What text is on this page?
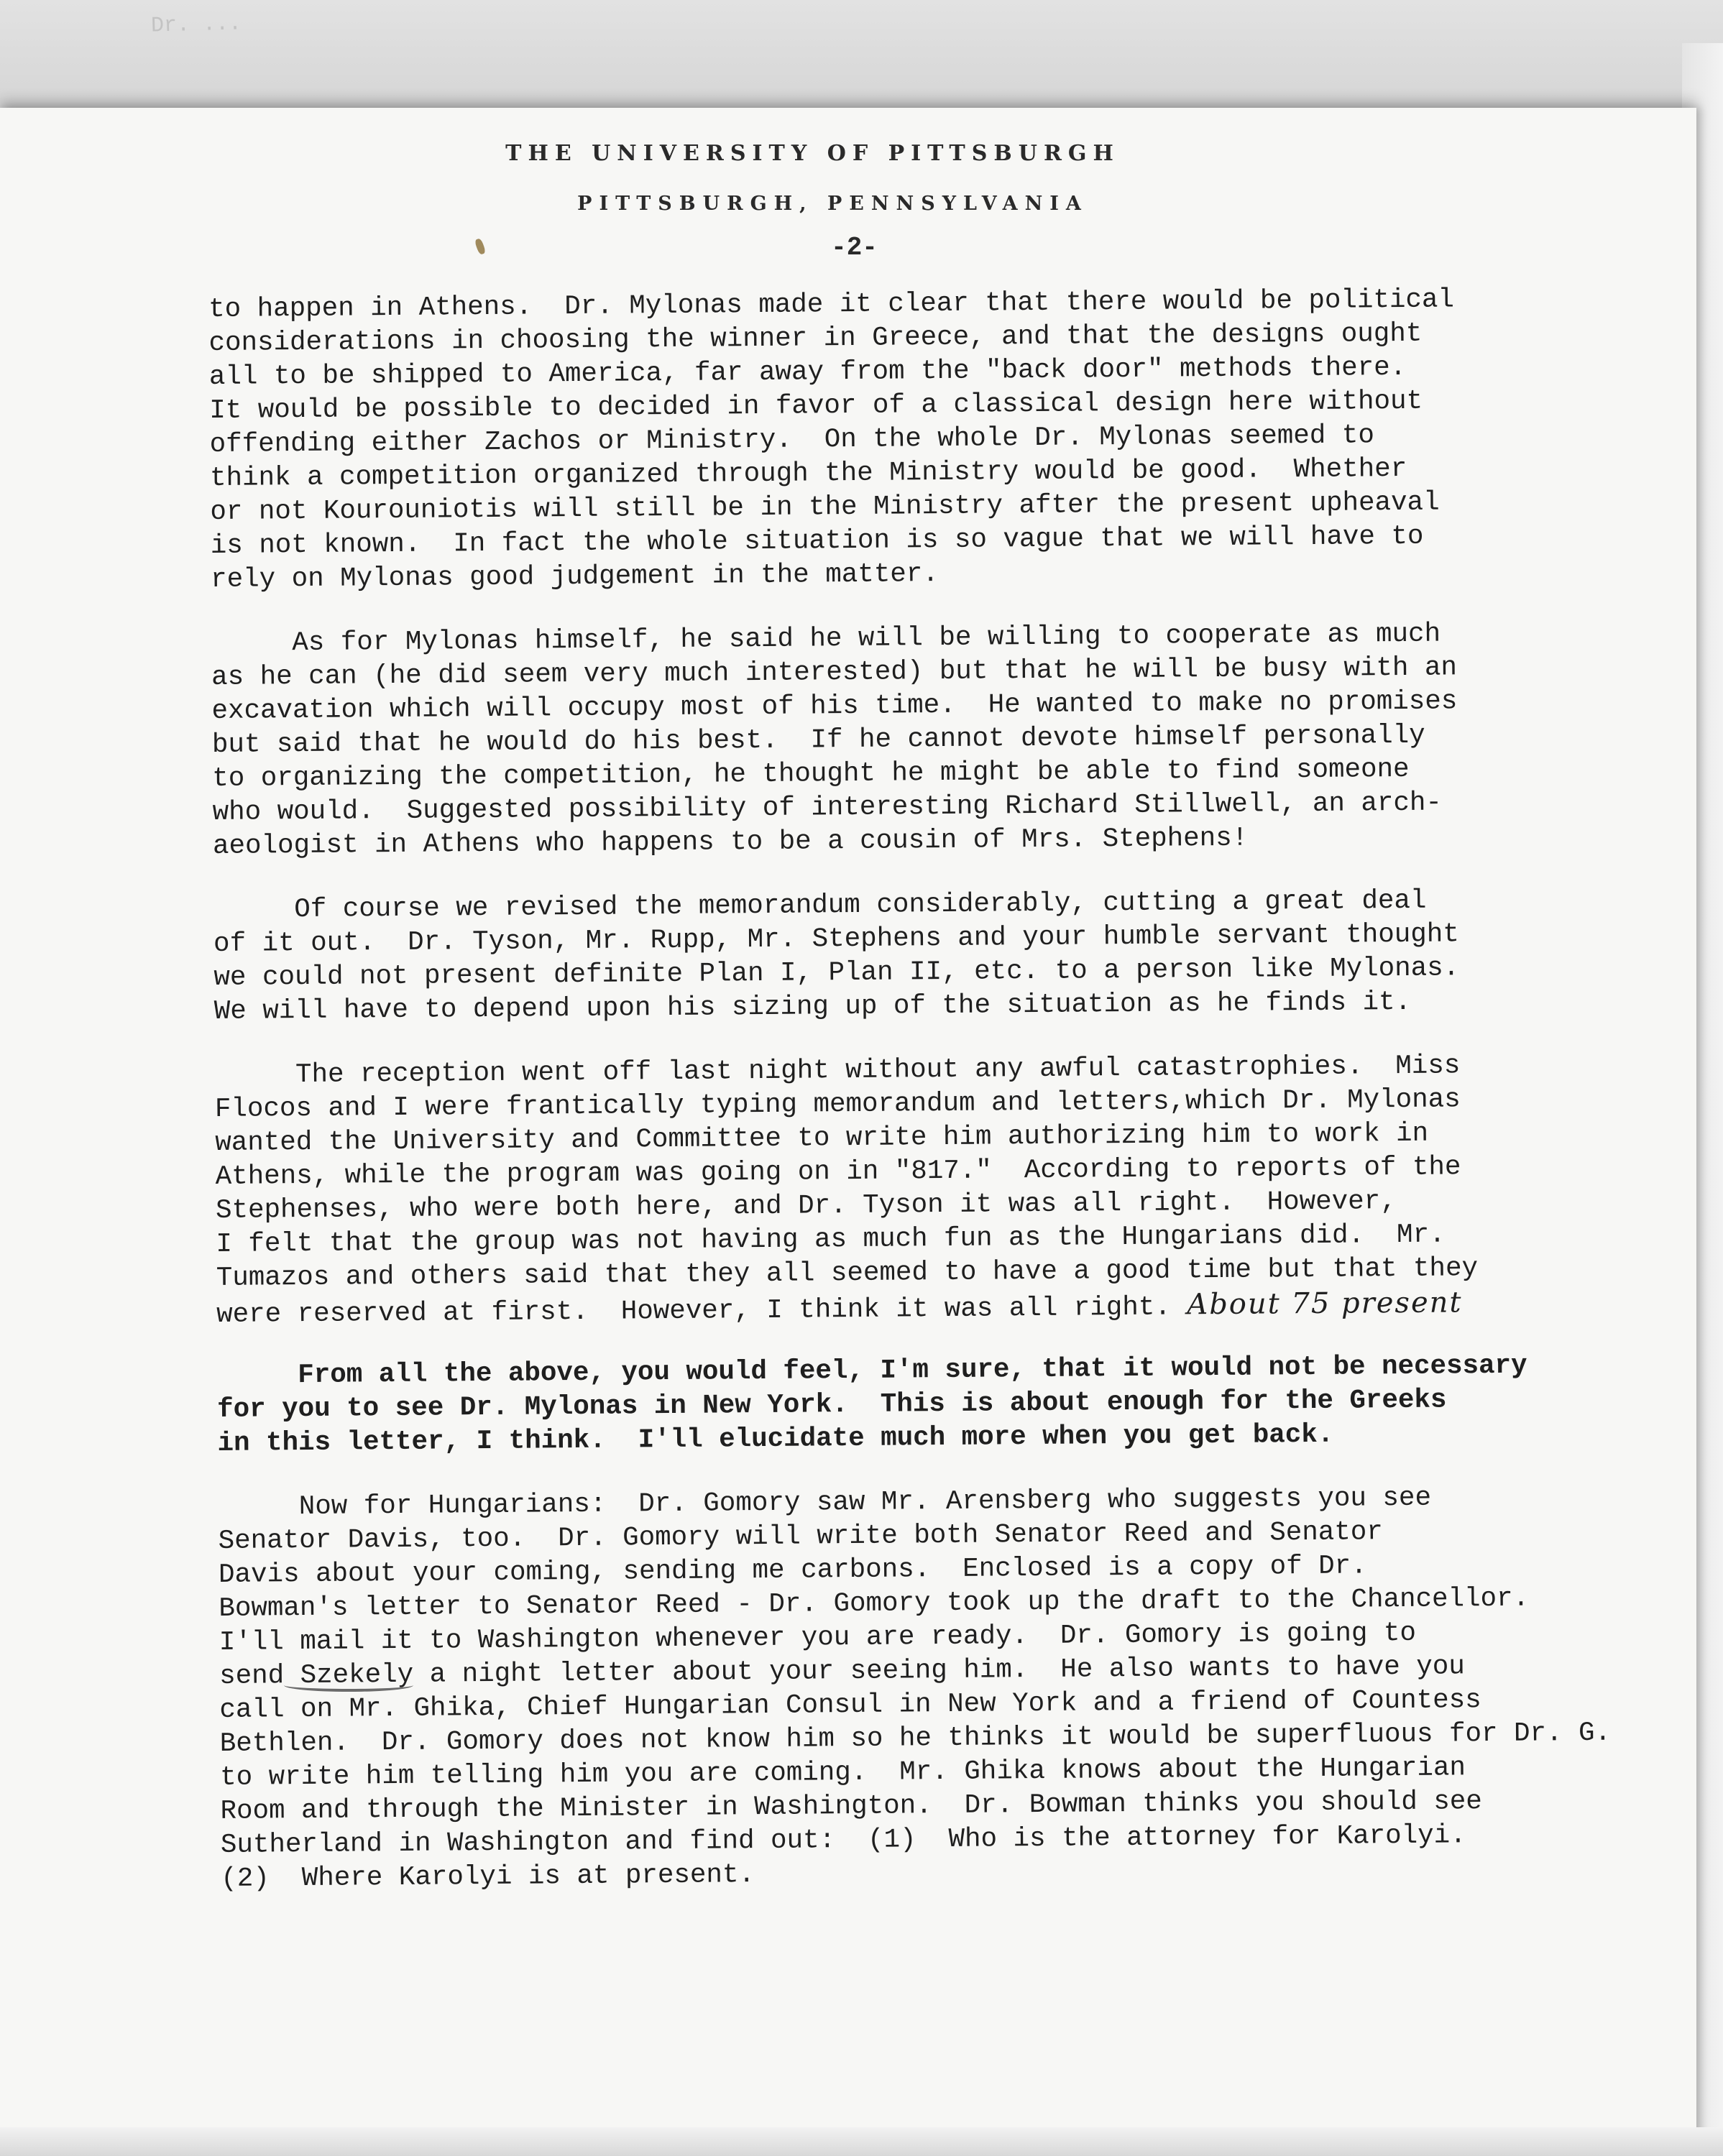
Dr. ...
THE UNIVERSITY OF PITTSBURGH
PITTSBURGH, PENNSYLVANIA
-2-
to happen in Athens.  Dr. Mylonas made it clear that there would be political
considerations in choosing the winner in Greece, and that the designs ought
all to be shipped to America, far away from the "back door" methods there.
It would be possible to decided in favor of a classical design here without
offending either Zachos or Ministry.  On the whole Dr. Mylonas seemed to
think a competition organized through the Ministry would be good.  Whether
or not Kourouniotis will still be in the Ministry after the present upheaval
is not known.  In fact the whole situation is so vague that we will have to
rely on Mylonas good judgement in the matter.
As for Mylonas himself, he said he will be willing to cooperate as much
as he can (he did seem very much interested) but that he will be busy with an
excavation which will occupy most of his time.  He wanted to make no promises
but said that he would do his best.  If he cannot devote himself personally
to organizing the competition, he thought he might be able to find someone
who would.  Suggested possibility of interesting Richard Stillwell, an arch-
aeologist in Athens who happens to be a cousin of Mrs. Stephens!
Of course we revised the memorandum considerably, cutting a great deal
of it out.  Dr. Tyson, Mr. Rupp, Mr. Stephens and your humble servant thought
we could not present definite Plan I, Plan II, etc. to a person like Mylonas.
We will have to depend upon his sizing up of the situation as he finds it.
The reception went off last night without any awful catastrophies.  Miss
Flocos and I were frantically typing memorandum and letters,which Dr. Mylonas
wanted the University and Committee to write him authorizing him to work in
Athens, while the program was going on in "817."  According to reports of the
Stephenses, who were both here, and Dr. Tyson it was all right.  However,
I felt that the group was not having as much fun as the Hungarians did.  Mr.
Tumazos and others said that they all seemed to have a good time but that they
were reserved at first.  However, I think it was all right. About 75 present
From all the above, you would feel, I'm sure, that it would not be necessary
for you to see Dr. Mylonas in New York.  This is about enough for the Greeks
in this letter, I think.  I'll elucidate much more when you get back.
Now for Hungarians:  Dr. Gomory saw Mr. Arensberg who suggests you see
Senator Davis, too.  Dr. Gomory will write both Senator Reed and Senator
Davis about your coming, sending me carbons.  Enclosed is a copy of Dr.
Bowman's letter to Senator Reed - Dr. Gomory took up the draft to the Chancellor.
I'll mail it to Washington whenever you are ready.  Dr. Gomory is going to
send Szekely a night letter about your seeing him.  He also wants to have you
call on Mr. Ghika, Chief Hungarian Consul in New York and a friend of Countess
Bethlen.  Dr. Gomory does not know him so he thinks it would be superfluous for Dr. G.
to write him telling him you are coming.  Mr. Ghika knows about the Hungarian
Room and through the Minister in Washington.  Dr. Bowman thinks you should see
Sutherland in Washington and find out:  (1)  Who is the attorney for Karolyi.
(2)  Where Karolyi is at present.
